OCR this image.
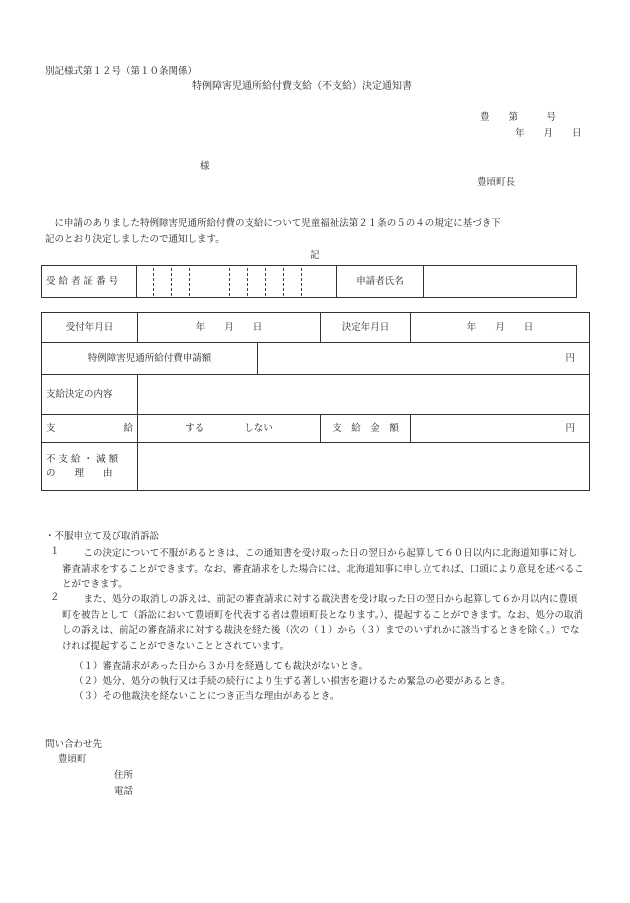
別記様式第１２号（第１０条関係）
特例障害児通所給付費支給（不支給）決定通知書
豊　　第　　　号
年　　月　　日
様
豊頃町長
　に申請のありました特例障害児通所給付費の支給について児童福祉法第２１条の５の４の規定に基づき下
記のとおり決定しましたので通知します。
記
受 給 者 証 番 号		申請者氏名	
受付年月日	年　　月　　日		決定年月日	年　　月　　日
特例障害児通所給付費申請額		円		
支給決定の内容				
支 給	する しない		支　給　金　額	円

不 支 給 ・ 減 額
の　　理　　由				

・不服申立て及び取消訴訟
１	　この決定について不服があるときは、この通知書を受け取った日の翌日から起算して６０日以内に北海道知事に対し審査請求をすることができます。なお、審査請求をした場合には、北海道知事に申し立てれば、口頭により意見を述べることができます。
２	　また、処分の取消しの訴えは、前記の審査請求に対する裁決書を受け取った日の翌日から起算して６か月以内に豊頃町を被告として（訴訟において豊頃町を代表する者は豊頃町長となります。）、提起することができます。なお、処分の取消しの訴えは、前記の審査請求に対する裁決を経た後（次の（１）から（３）までのいずれかに該当するときを除く。）でなければ提起することができないこととされています。
（１）審査請求があった日から３か月を経過しても裁決がないとき。
（２）処分、処分の執行又は手続の続行により生ずる著しい損害を避けるため緊急の必要があるとき。
（３）その他裁決を経ないことにつき正当な理由があるとき。
問い合わせ先
豊頃町
住所
電話
